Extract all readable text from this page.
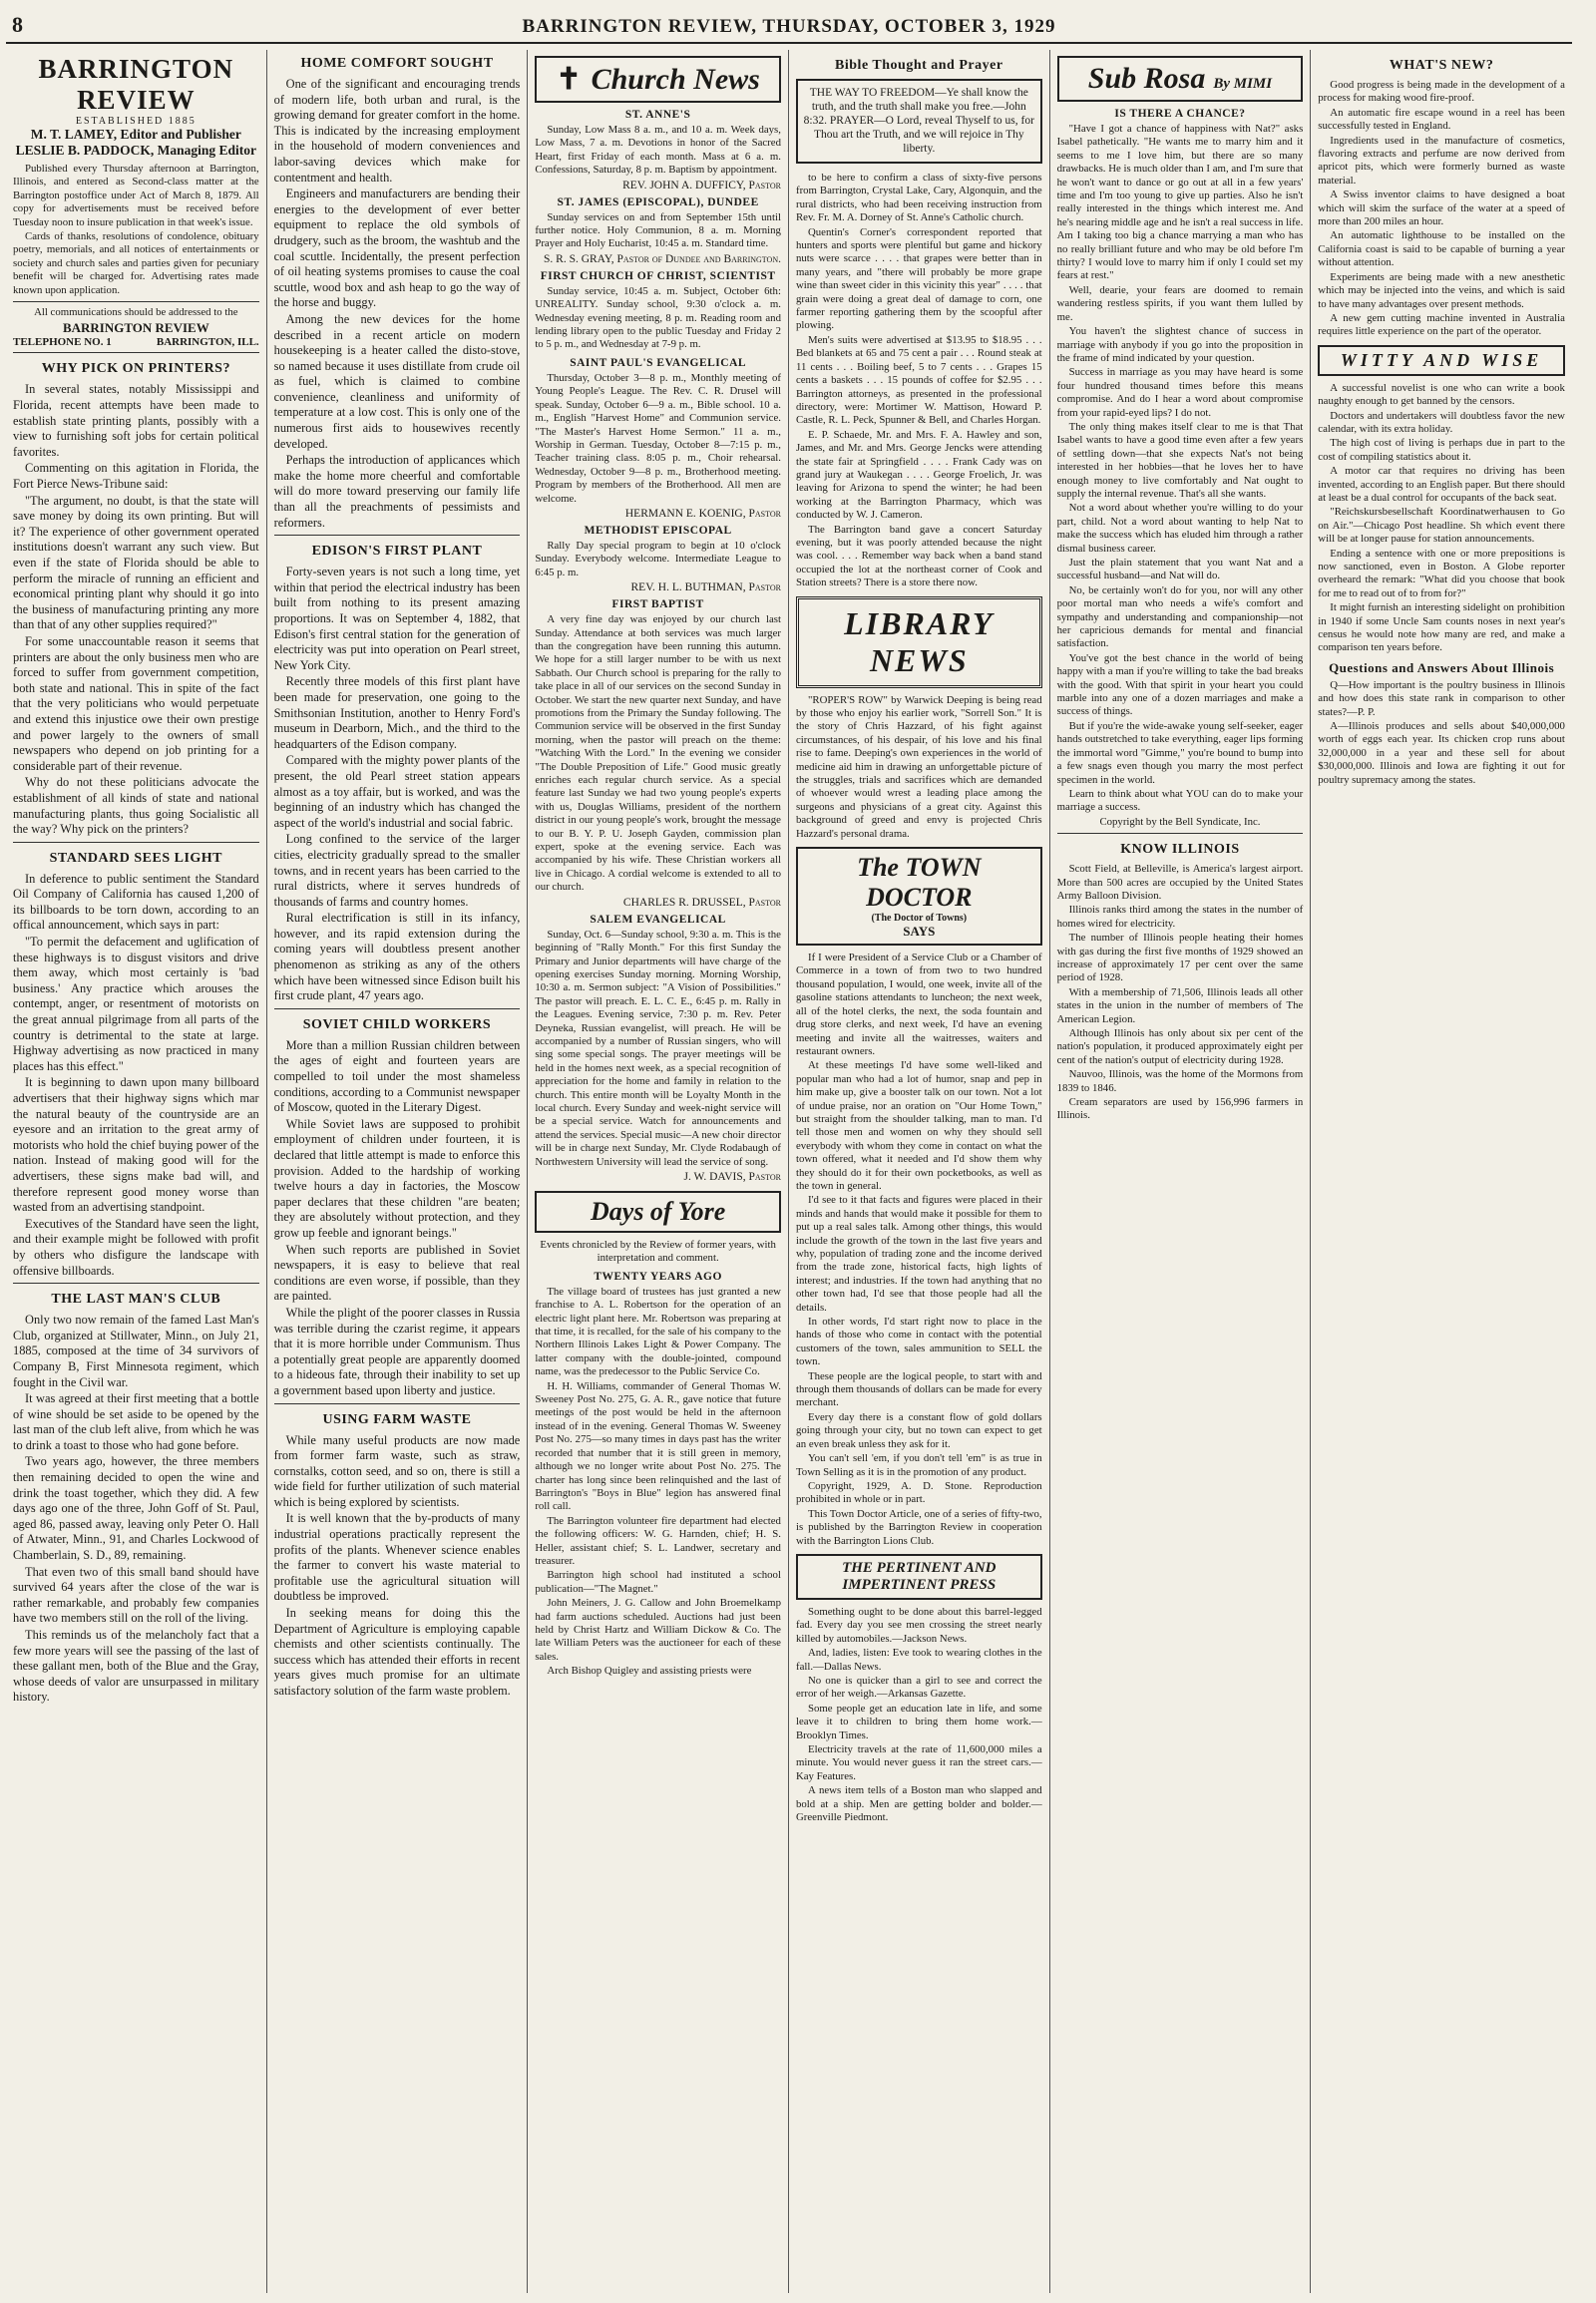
8	BARRINGTON REVIEW, THURSDAY, OCTOBER 3, 1929
BARRINGTON REVIEW
ESTABLISHED 1885
M. T. LAMEY, Editor and Publisher
LESLIE B. PADDOCK, Managing Editor

Published every Thursday afternoon at Barrington, Illinois, and entered as Second-class matter at the Barrington postoffice under Act of March 8, 1879. All copy for advertisements must be received before Tuesday noon to insure publication in that week's issue.

Cards of thanks, resolutions of condolence, obituary poetry, memorials, and all notices of entertainments or society and church sales and parties given for pecuniary benefit will be charged for. Advertising rates made known upon application.

All communications should be addressed to the

BARRINGTON REVIEW
TELEPHONE NO. 1	BARRINGTON, ILL.
WHY PICK ON PRINTERS?

In several states, notably Mississippi and Florida, recent attempts have been made to establish state printing plants, possibly with a view to furnishing soft jobs for certain political favorites.

Commenting on this agitation in Florida, the Fort Pierce News-Tribune said:

"The argument, no doubt, is that the state will save money by doing its own printing. But will it? The experience of other government operated institutions doesn't warrant any such view. But even if the state of Florida should be able to perform the miracle of running an efficient and economical printing plant why should it go into the business of manufacturing printing any more than that of any other supplies required?"

For some unaccountable reason it seems that printers are about the only business men who are forced to suffer from government competition, both state and national. This in spite of the fact that the very politicians who would perpetuate and extend this injustice owe their own prestige and power largely to the owners of small newspapers who depend on job printing for a considerable part of their revenue.

Why do not these politicians advocate the establishment of all kinds of state and national manufacturing plants, thus going Socialistic all the way? Why pick on the printers?

STANDARD SEES LIGHT

In deference to public sentiment the Standard Oil Company of California has caused 1,200 of its billboards to be torn down, according to an offical announcement, which says in part:

"To permit the defacement and uglification of these highways is to disgust visitors and drive them away, which most certainly is 'bad business.' Any practice which arouses the contempt, anger, or resentment of motorists on the great annual pilgrimage from all parts of the country is detrimental to the state at large. Highway advertising as now practiced in many places has this effect."

It is beginning to dawn upon many billboard advertisers that their highway signs which mar the natural beauty of the countryside are an eyesore and an irritation to the great army of motorists who hold the chief buying power of the nation. Instead of making good will for the advertisers, these signs make bad will, and therefore represent good money worse than wasted from an advertising standpoint.

Executives of the Standard have seen the light, and their example might be followed with profit by others who disfigure the landscape with offensive billboards.

THE LAST MAN'S CLUB

Only two now remain of the famed Last Man's Club, organized at Stillwater, Minn., on July 21, 1885, composed at the time of 34 survivors of Company B, First Minnesota regiment, which fought in the Civil war.

It was agreed at their first meeting that a bottle of wine should be set aside to be opened by the last man of the club left alive, from which he was to drink a toast to those who had gone before.

Two years ago, however, the three members then remaining decided to open the wine and drink the toast together, which they did. A few days ago one of the three, John Goff of St. Paul, aged 86, passed away, leaving only Peter O. Hall of Atwater, Minn., 91, and Charles Lockwood of Chamberlain, S. D., 89, remaining.

That even two of this small band should have survived 64 years after the close of the war is rather remarkable, and probably few companies have two members still on the roll of the living.

This reminds us of the melancholy fact that a few more years will see the passing of the last of these gallant men, both of the Blue and the Gray, whose deeds of valor are unsurpassed in military history.

HOME COMFORT SOUGHT

One of the significant and encouraging trends of modern life, both urban and rural, is the growing demand for greater comfort in the home. This is indicated by the increasing employment in the household of modern conveniences and labor-saving devices which make for contentment and health.

Engineers and manufacturers are bending their energies to the development of ever better equipment to replace the old symbols of drudgery, such as the broom, the washtub and the coal scuttle. Incidentally, the present perfection of oil heating systems promises to cause the coal scuttle, wood box and ash heap to go the way of the horse and buggy.

Among the new devices for the home described in a recent article on modern housekeeping is a heater called the disto-stove, so named because it uses distillate from crude oil as fuel, which is claimed to combine convenience, cleanliness and uniformity of temperature at a low cost. This is only one of the numerous first aids to housewives recently developed.

Perhaps the introduction of applicances which make the home more cheerful and comfortable will do more toward preserving our family life than all the preachments of pessimists and reformers.

EDISON'S FIRST PLANT

Forty-seven years is not such a long time, yet within that period the electrical industry has been built from nothing to its present amazing proportions. It was on September 4, 1882, that Edison's first central station for the generation of electricity was put into operation on Pearl street, New York City.

Recently three models of this first plant have been made for preservation, one going to the Smithsonian Institution, another to Henry Ford's museum in Dearborn, Mich., and the third to the headquarters of the Edison company.

Compared with the mighty power plants of the present, the old Pearl street station appears almost as a toy affair, but is worked, and was the beginning of an industry which has changed the aspect of the world's industrial and social fabric.

Long confined to the service of the larger cities, electricity gradually spread to the smaller towns, and in recent years has been carried to the rural districts, where it serves hundreds of thousands of farms and country homes.

Rural electrification is still in its infancy, however, and its rapid extension during the coming years will doubtless present another phenomenon as striking as any of the others which have been witnessed since Edison built his first crude plant, 47 years ago.

SOVIET CHILD WORKERS

More than a million Russian children between the ages of eight and fourteen years are compelled to toil under the most shameless conditions, according to a Communist newspaper of Moscow, quoted in the Literary Digest.

While Soviet laws are supposed to prohibit employment of children under fourteen, it is declared that little attempt is made to enforce this provision. Added to the hardship of working twelve hours a day in factories, the Moscow paper declares that these children "are beaten; they are absolutely without protection, and they grow up feeble and ignorant beings."

When such reports are published in Soviet newspapers, it is easy to believe that real conditions are even worse, if possible, than they are painted.

While the plight of the poorer classes in Russia was terrible during the czarist regime, it appears that it is more horrible under Communism. Thus a potentially great people are apparently doomed to a hideous fate, through their inability to set up a government based upon liberty and justice.

USING FARM WASTE

While many useful products are now made from former farm waste, such as straw, cornstalks, cotton seed, and so on, there is still a wide field for further utilization of such material which is being explored by scientists.

It is well known that the by-products of many industrial operations practically represent the profits of the plants. Whenever science enables the farmer to convert his waste material to profitable use the agricultural situation will doubtless be improved.

In seeking means for doing this the Department of Agriculture is employing capable chemists and other scientists continually. The success which has attended their efforts in recent years gives much promise for an ultimate satisfactory solution of the farm waste problem.

✝ Church News
ST. ANNE'S

Sunday, Low Mass 8 a. m., and 10 a. m. Week days, Low Mass, 7 a. m. Devotions in honor of the Sacred Heart, first Friday of each month. Mass at 6 a. m. Confessions, Saturday, 8 p. m. Baptism by appointment.

REV. JOHN A. DUFFICY, Pastor
ST. JAMES (EPISCOPAL), DUNDEE

Sunday services on and from September 15th until further notice. Holy Communion, 8 a. m. Morning Prayer and Holy Eucharist, 10:45 a. m. Standard time.

S. R. S. GRAY, Pastor of Dundee and Barrington.
FIRST CHURCH OF CHRIST, SCIENTIST

Sunday service, 10:45 a. m. Subject, October 6th: UNREALITY. Sunday school, 9:30 o'clock a. m. Wednesday evening meeting, 8 p. m. Reading room and lending library open to the public Tuesday and Friday 2 to 5 p. m., and Wednesday at 7-9 p. m.

SAINT PAUL'S EVANGELICAL

Thursday, October 3—8 p. m., Monthly meeting of Young People's League. The Rev. C. R. Drusel will speak. Sunday, October 6—9 a. m., Bible school. 10 a. m., English "Harvest Home" and Communion service. "The Master's Harvest Home Sermon." 11 a. m., Worship in German. Tuesday, October 8—7:15 p. m., Teacher training class. 8:05 p. m., Choir rehearsal. Wednesday, October 9—8 p. m., Brotherhood meeting. Program by members of the Brotherhood. All men are welcome.

HERMANN E. KOENIG, Pastor
METHODIST EPISCOPAL

Rally Day special program to begin at 10 o'clock Sunday. Everybody welcome. Intermediate League to 6:45 p. m.

REV. H. L. BUTHMAN, Pastor
FIRST BAPTIST

A very fine day was enjoyed by our church last Sunday. Attendance at both services was much larger than the congregation have been running this autumn. We hope for a still larger number to be with us next Sabbath. Our Church school is preparing for the rally to take place in all of our services on the second Sunday in October. We start the new quarter next Sunday, and have promotions from the Primary the Sunday following. The Communion service will be observed in the first Sunday morning, when the pastor will preach on the theme: "Watching With the Lord." In the evening we consider "The Double Preposition of Life." Good music greatly enriches each regular church service. As a special feature last Sunday we had two young people's experts with us, Douglas Williams, president of the northern district in our young people's work, brought the message to our B. Y. P. U. Joseph Gayden, commission plan expert, spoke at the evening service. Each was accompanied by his wife. These Christian workers all live in Chicago. A cordial welcome is extended to all to our church.

CHARLES R. DRUSSEL, Pastor
SALEM EVANGELICAL

Sunday, Oct. 6—Sunday school, 9:30 a. m. This is the beginning of "Rally Month." For this first Sunday the Primary and Junior departments will have charge of the opening exercises Sunday morning. Morning Worship, 10:30 a. m. Sermon subject: "A Vision of Possibilities." The pastor will preach. E. L. C. E., 6:45 p. m. Rally in the Leagues. Evening service, 7:30 p. m. Rev. Peter Deyneka, Russian evangelist, will preach. He will be accompanied by a number of Russian singers, who will sing some special songs. The prayer meetings will be held in the homes next week, as a special recognition of appreciation for the home and family in relation to the church. This entire month will be Loyalty Month in the local church. Every Sunday and week-night service will be a special service. Watch for announcements and attend the services. Special music—A new choir director will be in charge next Sunday, Mr. Clyde Rodabaugh of Northwestern University will lead the service of song.

J. W. DAVIS, Pastor
Days of Yore

Events chronicled by the Review of former years, with interpretation and comment.

TWENTY YEARS AGO

The village board of trustees has just granted a new franchise to A. L. Robertson for the operation of an electric light plant here. Mr. Robertson was preparing at that time, it is recalled, for the sale of his company to the Northern Illinois Lakes Light & Power Company. The latter company with the double-jointed, compound name, was the predecessor to the Public Service Co.

H. H. Williams, commander of General Thomas W. Sweeney Post No. 275, G. A. R., gave notice that future meetings of the post would be held in the afternoon instead of in the evening. General Thomas W. Sweeney Post No. 275—so many times in days past has the writer recorded that number that it is still green in memory, although we no longer write about Post No. 275. The charter has long since been relinquished and the last of Barrington's "Boys in Blue" legion has answered final roll call.

The Barrington volunteer fire department had elected the following officers: W. G. Harnden, chief; H. S. Heller, assistant chief; S. L. Landwer, secretary and treasurer.

Barrington high school had instituted a school publication—"The Magnet."

John Meiners, J. G. Callow and John Broemelkamp had farm auctions scheduled. Auctions had just been held by Christ Hartz and William Dickow & Co. The late William Peters was the auctioneer for each of these sales.

Arch Bishop Quigley and assisting priests were

Bible Thought and Prayer

THE WAY TO FREEDOM—Ye shall know the truth, and the truth shall make you free.—John 8:32. PRAYER—O Lord, reveal Thyself to us, for Thou art the Truth, and we will rejoice in Thy liberty.

to be here to confirm a class of sixty-five persons from Barrington, Crystal Lake, Cary, Algonquin, and the rural districts, who had been receiving instruction from Rev. Fr. M. A. Dorney of St. Anne's Catholic church.

Quentin's Corner's correspondent reported that hunters and sports were plentiful but game and hickory nuts were scarce . . . . that grapes were better than in many years, and "there will probably be more grape wine than sweet cider in this vicinity this year" . . . . that grain were doing a great deal of damage to corn, one farmer reporting gathering them by the scoopful after plowing.

Men's suits were advertised at $13.95 to $18.95 . . . Bed blankets at 65 and 75 cent a pair . . . Round steak at 11 cents . . . Boiling beef, 5 to 7 cents . . . Grapes 15 cents a baskets . . . 15 pounds of coffee for $2.95 . . . Barrington attorneys, as presented in the professional directory, were: Mortimer W. Mattison, Howard P. Castle, R. L. Peck, Spunner & Bell, and Charles Horgan.

E. P. Schaede, Mr. and Mrs. F. A. Hawley and son, James, and Mr. and Mrs. George Jencks were attending the state fair at Springfield . . . . Frank Cady was on grand jury at Waukegan . . . . George Froelich, Jr. was leaving for Arizona to spend the winter; he had been working at the Barrington Pharmacy, which was conducted by W. J. Cameron.

The Barrington band gave a concert Saturday evening, but it was poorly attended because the night was cool. . . . Remember way back when a band stand occupied the lot at the northeast corner of Cook and Station streets? There is a store there now.

LIBRARY NEWS

"ROPER'S ROW" by Warwick Deeping is being read by those who enjoy his earlier work, "Sorrell Son." It is the story of Chris Hazzard, of his fight against circumstances, of his despair, of his love and his final rise to fame. Deeping's own experiences in the world of medicine aid him in drawing an unforgettable picture of the struggles, trials and sacrifices which are demanded of whoever would wrest a leading place among the surgeons and physicians of a great city. Against this background of greed and envy is projected Chris Hazzard's personal drama.

The TOWN DOCTOR
(The Doctor of Towns)
SAYS

If I were President of a Service Club or a Chamber of Commerce in a town of from two to two hundred thousand population, I would, one week, invite all of the gasoline stations attendants to luncheon; the next week, all of the hotel clerks, the next, the soda fountain and drug store clerks, and next week, I'd have an evening meeting and invite all the waitresses, waiters and restaurant owners.

At these meetings I'd have some well-liked and popular man who had a lot of humor, snap and pep in him make up, give a booster talk on our town. Not a lot of undue praise, nor an oration on "Our Home Town," but straight from the shoulder talking, man to man. I'd tell those men and women on why they should sell everybody with whom they come in contact on what the town offered, what it needed and I'd show them why they should do it for their own pocketbooks, as well as the town in general.

I'd see to it that facts and figures were placed in their minds and hands that would make it possible for them to put up a real sales talk. Among other things, this would include the growth of the town in the last five years and why, population of trading zone and the income derived from the trade zone, historical facts, high lights of interest; and industries. If the town had anything that no other town had, I'd see that those people had all the details.

In other words, I'd start right now to place in the hands of those who come in contact with the potential customers of the town, sales ammunition to SELL the town.

These people are the logical people, to start with and through them thousands of dollars can be made for every merchant.

Every day there is a constant flow of gold dollars going through your city, but no town can expect to get an even break unless they ask for it.

You can't sell 'em, if you don't tell 'em" is as true in Town Selling as it is in the promotion of any product.

Copyright, 1929, A. D. Stone. Reproduction prohibited in whole or in part.

This Town Doctor Article, one of a series of fifty-two, is published by the Barrington Review in cooperation with the Barrington Lions Club.

THE PERTINENT AND IMPERTINENT PRESS

Something ought to be done about this barrel-legged fad. Every day you see men crossing the street nearly killed by automobiles.—Jackson News.

And, ladies, listen: Eve took to wearing clothes in the fall.—Dallas News.

No one is quicker than a girl to see and correct the error of her weigh.—Arkansas Gazette.

Some people get an education late in life, and some leave it to children to bring them home work.—Brooklyn Times.

Electricity travels at the rate of 11,600,000 miles a minute. You would never guess it ran the street cars.—Kay Features.

A news item tells of a Boston man who slapped and bold at a ship. Men are getting bolder and bolder.—Greenville Piedmont.

Sub Rosa By MIMI
IS THERE A CHANCE?

"Have I got a chance of happiness with Nat?" asks Isabel pathetically. "He wants me to marry him and it seems to me I love him, but there are so many drawbacks. He is much older than I am, and I'm sure that he won't want to dance or go out at all in a few years' time and I'm too young to give up parties. Also he isn't really interested in the things which interest me. And he's nearing middle age and he isn't a real success in life. Am I taking too big a chance marrying a man who has no really brilliant future and who may be old before I'm thirty? I would love to marry him if only I could set my fears at rest."

Well, dearie, your fears are doomed to remain wandering restless spirits, if you want them lulled by me.

You haven't the slightest chance of success in marriage with anybody if you go into the proposition in the frame of mind indicated by your question.

Success in marriage as you may have heard is some four hundred thousand times before this means compromise. And do I hear a word about compromise from your rapid-eyed lips? I do not.

The only thing makes itself clear to me is that That Isabel wants to have a good time even after a few years of settling down—that she expects Nat's not being interested in her hobbies—that he loves her to have enough money to live comfortably and Nat ought to supply the internal revenue. That's all she wants.

Not a word about whether you're willing to do your part, child. Not a word about wanting to help Nat to make the success which has eluded him through a rather dismal business career.

Just the plain statement that you want Nat and a successful husband—and Nat will do.

No, be certainly won't do for you, nor will any other poor mortal man who needs a wife's comfort and sympathy and understanding and companionship—not her capricious demands for mental and financial satisfaction.

You've got the best chance in the world of being happy with a man if you're willing to take the bad breaks with the good. With that spirit in your heart you could marble into any one of a dozen marriages and make a success of things.

But if you're the wide-awake young self-seeker, eager hands outstretched to take everything, eager lips forming the immortal word "Gimme," you're bound to bump into a few snags even though you marry the most perfect specimen in the world.

Learn to think about what YOU can do to make your marriage a success.

Copyright by the Bell Syndicate, Inc.

KNOW ILLINOIS

Scott Field, at Belleville, is America's largest airport. More than 500 acres are occupied by the United States Army Balloon Division.

Illinois ranks third among the states in the number of homes wired for electricity.

The number of Illinois people heating their homes with gas during the first five months of 1929 showed an increase of approximately 17 per cent over the same period of 1928.

With a membership of 71,506, Illinois leads all other states in the union in the number of members of The American Legion.

Although Illinois has only about six per cent of the nation's population, it produced approximately eight per cent of the nation's output of electricity during 1928.

Nauvoo, Illinois, was the home of the Mormons from 1839 to 1846.

Cream separators are used by 156,996 farmers in Illinois.

WHAT'S NEW?

Good progress is being made in the development of a process for making wood fire-proof.

An automatic fire escape wound in a reel has been successfully tested in England.

Ingredients used in the manufacture of cosmetics, flavoring extracts and perfume are now derived from apricot pits, which were formerly burned as waste material.

A Swiss inventor claims to have designed a boat which will skim the surface of the water at a speed of more than 200 miles an hour.

An automatic lighthouse to be installed on the California coast is said to be capable of burning a year without attention.

Experiments are being made with a new anesthetic which may be injected into the veins, and which is said to have many advantages over present methods.

A new gem cutting machine invented in Australia requires little experience on the part of the operator.

WITTY AND WISE

A successful novelist is one who can write a book naughty enough to get banned by the censors.

Doctors and undertakers will doubtless favor the new calendar, with its extra holiday.

The high cost of living is perhaps due in part to the cost of compiling statistics about it.

A motor car that requires no driving has been invented, according to an English paper. But there should at least be a dual control for occupants of the back seat.

"Reichskursbesellschaft Koordinatwerhausen to Go on Air."—Chicago Post headline. Sh which event there will be at longer pause for station announcements.

Ending a sentence with one or more prepositions is now sanctioned, even in Boston. A Globe reporter overheard the remark: "What did you choose that book for me to read out of to from for?"

It might furnish an interesting sidelight on prohibition in 1940 if some Uncle Sam counts noses in next year's census he would note how many are red, and make a comparison ten years before.

Questions and Answers About Illinois

Q—How important is the poultry business in Illinois and how does this state rank in comparison to other states?—P. P.

A—Illinois produces and sells about $40,000,000 worth of eggs each year. Its chicken crop runs about 32,000,000 in a year and these sell for about $30,000,000. Illinois and Iowa are fighting it out for poultry supremacy among the states.
